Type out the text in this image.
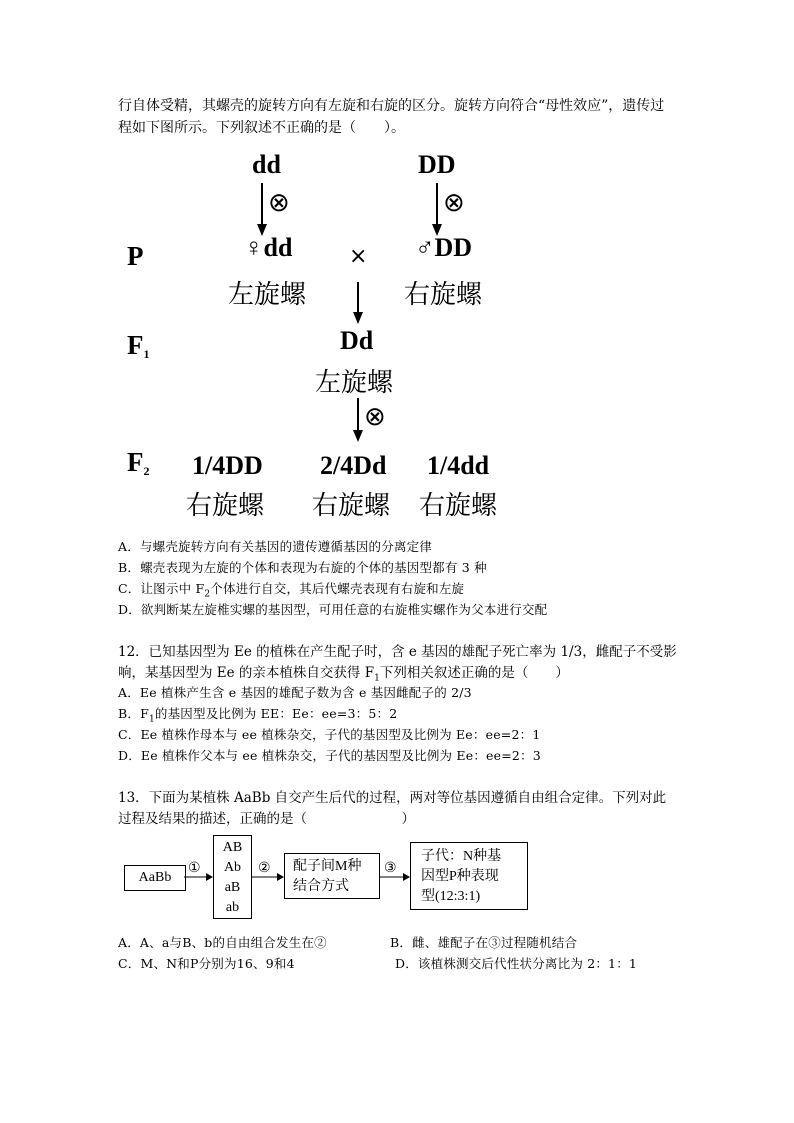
行自体受精，其螺壳的旋转方向有左旋和右旋的区分。旋转方向符合“母性效应”，遗传过
程如下图所示。下列叙述不正确的是（　　）。
dd	DD
⊗	⊗
P	♀dd	× ♂DD
左旋螺	右旋螺
F1	Dd
左旋螺
⊗
F2 1/4DD 2/4Dd 1/4dd
右旋螺 右旋螺 右旋螺
A．与螺壳旋转方向有关基因的遗传遵循基因的分离定律
B．螺壳表现为左旋的个体和表现为右旋的个体的基因型都有 3 种
C．让图示中 $F_2$个体进行自交，其后代螺壳表现有右旋和左旋
D．欲判断某左旋椎实螺的基因型，可用任意的右旋椎实螺作为父本进行交配
12．已知基因型为 Ee 的植株在产生配子时，含 e 基因的雄配子死亡率为 1/3，雌配子不受影
响，某基因型为 Ee 的亲本植株自交获得 $F_1$下列相关叙述正确的是（　　）
A．Ee 植株产生含 e 基因的雄配子数为含 e 基因雌配子的 2/3
B．$F_1$的基因型及比例为 EE：Ee：ee=3：5：2
C．Ee 植株作母本与 ee 植株杂交，子代的基因型及比例为 Ee：ee=2：1
D．Ee 植株作父本与 ee 植株杂交，子代的基因型及比例为 Ee：ee=2：3
13．下面为某植株 AaBb 自交产生后代的过程，两对等位基因遵循自由组合定律。下列对此
过程及结果的描述，正确的是（　　　　　　　）
AaBb
①
AB
Ab
aB
ab
② 配子间M种
结合方式
③
子代：N种基
因型P种表现
型(12:3:1)
A．A、a与B、b的自由组合发生在②	B．雌、雄配子在③过程随机结合
C．M、N和P分别为16、9和4	D．该植株测交后代性状分离比为 2：1：1
